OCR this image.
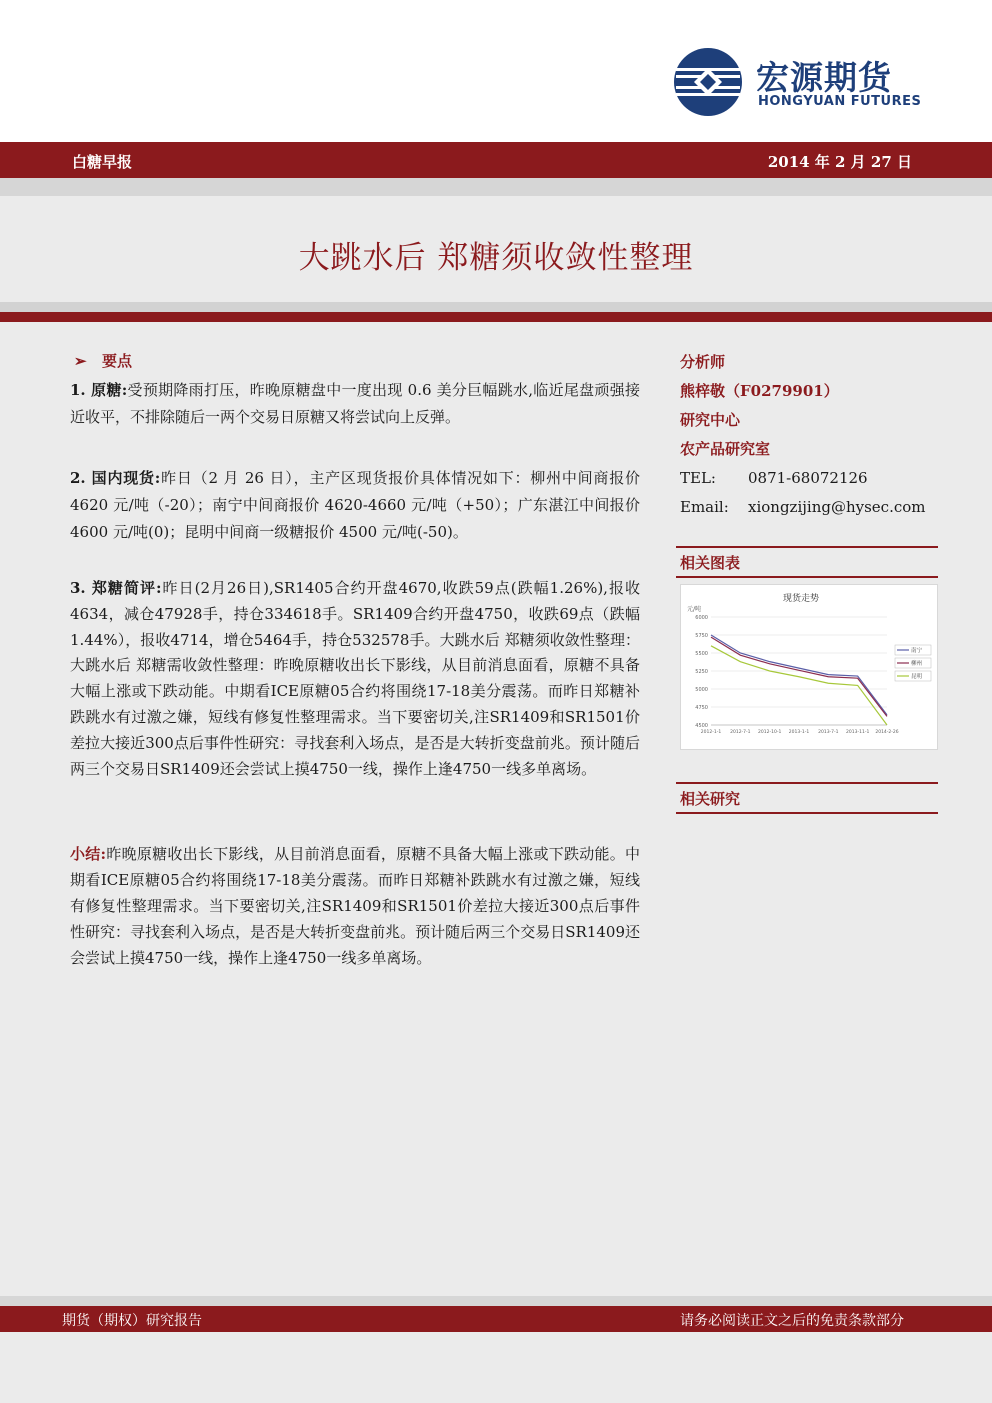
宏源期货
HONGYUAN FUTURES
白糖早报	2014 年 2 月 27 日
大跳水后 郑糖须收敛性整理
➢ 要点

1. 原糖:受预期降雨打压，昨晚原糖盘中一度出现 0.6 美分巨幅跳水,临近尾盘顽强接近收平，不排除随后一两个交易日原糖又将尝试向上反弹。

2. 国内现货:昨日（2 月 26 日），主产区现货报价具体情况如下：柳州中间商报价 4620 元/吨（-20）；南宁中间商报价 4620-4660 元/吨（+50）；广东湛江中间报价 4600 元/吨(0)；昆明中间商一级糖报价 4500 元/吨(-50)。

3. 郑糖简评:昨日(2月26日),SR1405合约开盘4670,收跌59点(跌幅1.26%),报收4634，减仓47928手，持仓334618手。SR1409合约开盘4750，收跌69点（跌幅1.44%），报收4714，增仓5464手，持仓532578手。大跳水后 郑糖须收敛性整理：大跳水后 郑糖需收敛性整理：昨晚原糖收出长下影线，从目前消息面看，原糖不具备大幅上涨或下跌动能。中期看ICE原糖05合约将围绕17-18美分震荡。而昨日郑糖补跌跳水有过激之嫌，短线有修复性整理需求。当下要密切关,注SR1409和SR1501价差拉大接近300点后事件性研究：寻找套利入场点，是否是大转折变盘前兆。预计随后两三个交易日SR1409还会尝试上摸4750一线，操作上逢4750一线多单离场。

小结:昨晚原糖收出长下影线，从目前消息面看，原糖不具备大幅上涨或下跌动能。中期看ICE原糖05合约将围绕17-18美分震荡。而昨日郑糖补跌跳水有过激之嫌，短线有修复性整理需求。当下要密切关,注SR1409和SR1501价差拉大接近300点后事件性研究：寻找套利入场点，是否是大转折变盘前兆。预计随后两三个交易日SR1409还会尝试上摸4750一线，操作上逢4750一线多单离场。

分析师
熊梓敬（F0279901）
研究中心
农产品研究室
TEL: 0871-68072126
Email: xiongzijing@hysec.com
相关图表
现货走势
元/吨
4500
4750
5000
5250
5500
5750
6000
2012-1-1 2012-7-1 2012-10-1 2013-1-1 2013-7-1 2013-11-1 2014-2-26
南宁
柳州
昆明
相关研究
期货（期权）研究报告	请务必阅读正文之后的免责条款部分
